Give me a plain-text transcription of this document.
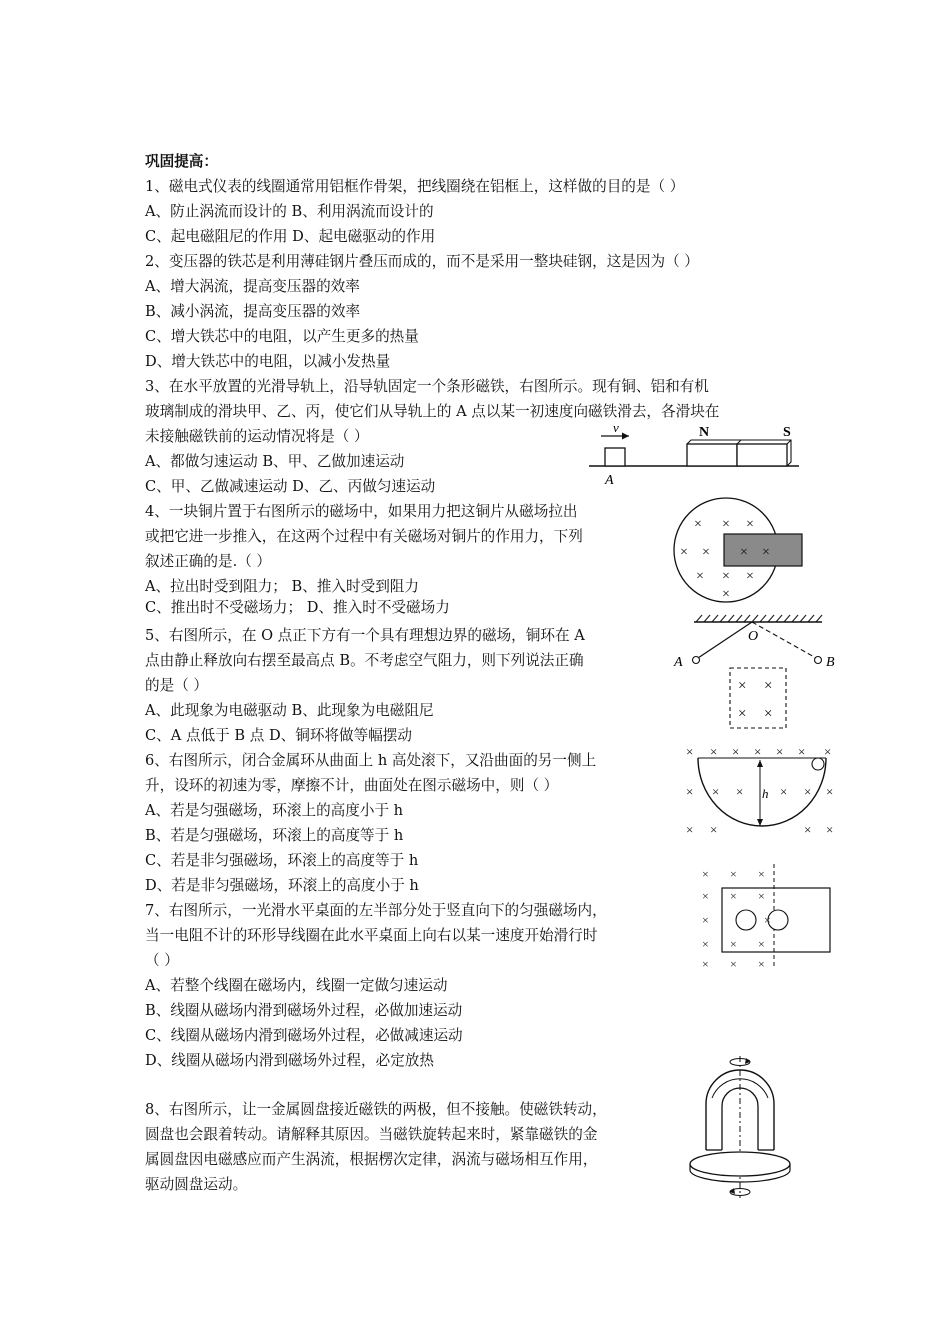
巩固提高：
1、磁电式仪表的线圈通常用铝框作骨架，把线圈绕在铝框上，这样做的目的是（ ）
A、防止涡流而设计的 B、利用涡流而设计的
C、起电磁阻尼的作用 D、起电磁驱动的作用
2、变压器的铁芯是利用薄硅钢片叠压而成的，而不是采用一整块硅钢，这是因为（ ）
A、增大涡流，提高变压器的效率
B、减小涡流，提高变压器的效率
C、增大铁芯中的电阻，以产生更多的热量
D、增大铁芯中的电阻，以减小发热量
3、在水平放置的光滑导轨上，沿导轨固定一个条形磁铁，右图所示。现有铜、铝和有机
玻璃制成的滑块甲、乙、丙，使它们从导轨上的 A 点以某一初速度向磁铁滑去，各滑块在
未接触磁铁前的运动情况将是（ ）
A、都做匀速运动 B、甲、乙做加速运动
C、甲、乙做减速运动 D、乙、丙做匀速运动
4、一块铜片置于右图所示的磁场中，如果用力把这铜片从磁场拉出
或把它进一步推入，在这两个过程中有关磁场对铜片的作用力，下列
叙述正确的是.（ ）
A、拉出时受到阻力； B、推入时受到阻力
C、推出时不受磁场力； D、推入时不受磁场力
5、右图所示，在 O 点正下方有一个具有理想边界的磁场，铜环在 A
点由静止释放向右摆至最高点 B。不考虑空气阻力，则下列说法正确
的是（ ）
A、此现象为电磁驱动 B、此现象为电磁阻尼
C、A 点低于 B 点 D、铜环将做等幅摆动
6、右图所示，闭合金属环从曲面上 h 高处滚下，又沿曲面的另一侧上
升，设环的初速为零，摩擦不计，曲面处在图示磁场中，则（ ）
A、若是匀强磁场，环滚上的高度小于 h
B、若是匀强磁场，环滚上的高度等于 h
C、若是非匀强磁场，环滚上的高度等于 h
D、若是非匀强磁场，环滚上的高度小于 h
7、右图所示，一光滑水平桌面的左半部分处于竖直向下的匀强磁场内，
当一电阻不计的环形导线圈在此水平桌面上向右以某一速度开始滑行时
（ ）
A、若整个线圈在磁场内，线圈一定做匀速运动
B、线圈从磁场内滑到磁场外过程，必做加速运动
C、线圈从磁场内滑到磁场外过程，必做减速运动
D、线圈从磁场内滑到磁场外过程，必定放热
8、右图所示，让一金属圆盘接近磁铁的两极，但不接触。使磁铁转动，
圆盘也会跟着转动。请解释其原因。当磁铁旋转起来时，紧靠磁铁的金
属圆盘因电磁感应而产生涡流，根据楞次定律，涡流与磁场相互作用，
驱动圆盘运动。
v
A
N	S
× × ×
× ×
× × ×
×
× ×
O
A	B
× ×
× ×
h
× × × × × × ×
× × ×	× × ×
× ×	× ×
× × ×
× × ×
×	×
× × ×
× × ×
